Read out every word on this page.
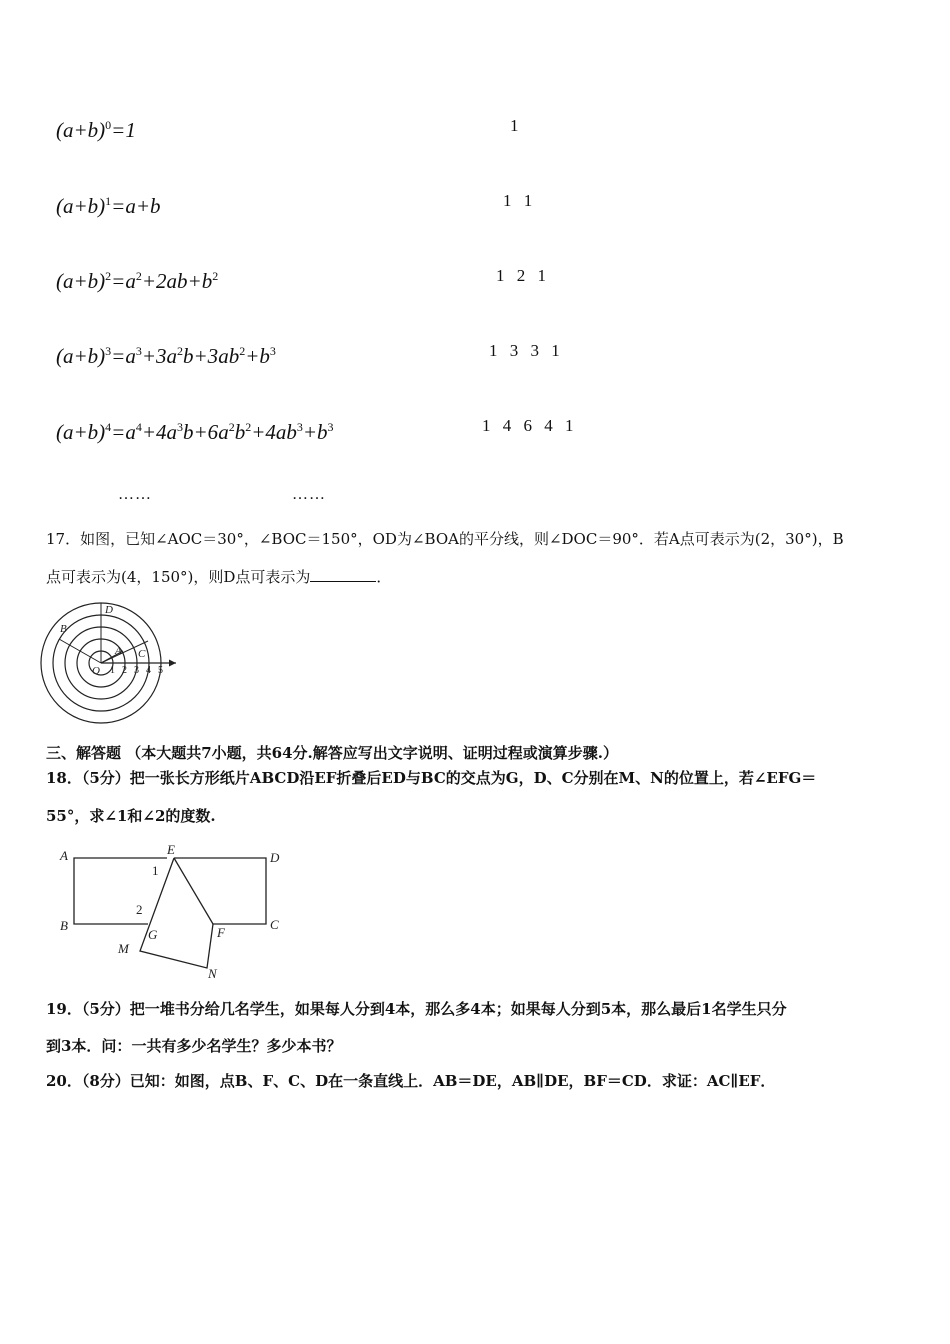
$(a+b)^0=1$	1
$(a+b)^1=a+b$	1 1
$(a+b)^2=a^2+2ab+b^2$	1 2 1
$(a+b)^3=a^3+3a^2b+3ab^2+b^3$	1 3 3 1
$(a+b)^4=a^4+4a^3b+6a^2b^2+4ab^3+b^3$	1 4 6 4 1
……	……
17．如图，已知∠AOC＝30°，∠BOC＝150°，OD为∠BOA的平分线，则∠DOC＝90°．若A点可表示为(2，30°)，B
点可表示为(4，150°)，则D点可表示为	．
D
B
A C
O 1 2 3 4 5
三、解答题 （本大题共7小题，共64分.解答应写出文字说明、证明过程或演算步骤.）
18．（5分）把一张长方形纸片ABCD沿EF折叠后ED与BC的交点为G，D、C分别在M、N的位置上，若∠EFG＝
55°，求∠1和∠2的度数.
A	E
D
B
G	F
C
M
N
1
2
19．（5分）把一堆书分给几名学生，如果每人分到4本，那么多4本；如果每人分到5本，那么最后1名学生只分
到3本．问：一共有多少名学生？多少本书？
20．（8分）已知：如图，点B、F、C、D在一条直线上．AB＝DE，AB∥DE，BF＝CD．求证：AC∥EF．
